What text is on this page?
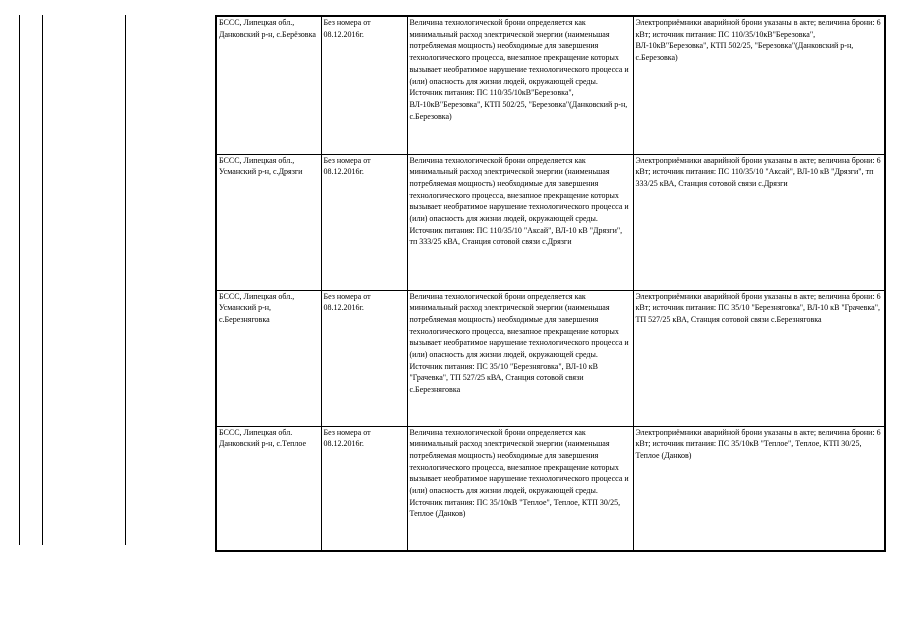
БССС, Липецкая обл., Данковский р-н, с.Берёзовка	Без номера от 08.12.2016г.	Величина технологической брони определяется как минимальный расход электрической энергии (наименьшая потребляемая мощность) необходимые для завершения технологического процесса, внезапное прекращение которых вызывает необратимое нарушение технологического процесса и (или) опасность для жизни людей, окружающей среды. Источник питания: ПС 110/35/10кВ"Березовка", ВЛ-10кВ"Березовка", КТП 502/25, "Березовка"(Данковский р-н, с.Березовка)	Электроприёмники аварийной брони указаны в акте; величина брони: 6 кВт; источник питания: ПС 110/35/10кВ"Березовка", ВЛ-10кВ"Березовка", КТП 502/25, "Березовка"(Данковский р-н, с.Березовка)
БССС, Липецкая обл., Усманский р-н, с.Дрязги	Без номера от 08.12.2016г.	Величина технологической брони определяется как минимальный расход электрической энергии (наименьшая потребляемая мощность) необходимые для завершения технологического процесса, внезапное прекращение которых вызывает необратимое нарушение технологического процесса и (или) опасность для жизни людей, окружающей среды. Источник питания: ПС 110/35/10 "Аксай", ВЛ-10 кВ "Дрязги", тп 333/25 кВА, Станция сотовой связи с.Дрязги	Электроприёмники аварийной брони указаны в акте; величина брони: 6 кВт; источник питания: ПС 110/35/10 "Аксай", ВЛ-10 кВ "Дрязги", тп 333/25 кВА, Станция сотовой связи с.Дрязги
БССС, Липецкая обл., Усманский р-н, с.Березняговка	Без номера от 08.12.2016г.	Величина технологической брони определяется как минимальный расход электрической энергии (наименьшая потребляемая мощность) необходимые для завершения технологического процесса, внезапное прекращение которых вызывает необратимое нарушение технологического процесса и (или) опасность для жизни людей, окружающей среды. Источник питания: ПС 35/10 "Березняговка", ВЛ-10 кВ "Грачевка", ТП 527/25 кВА, Станция сотовой связи с.Березняговка	Электроприёмники аварийной брони указаны в акте; величина брони: 6 кВт; источник питания: ПС 35/10 "Березняговка", ВЛ-10 кВ "Грачевка", ТП 527/25 кВА, Станция сотовой связи с.Березняговка
БССС, Липецкая обл. Данковский р-н, с.Теплое	Без номера от 08.12.2016г.	Величина технологической брони определяется как минимальный расход электрической энергии (наименьшая потребляемая мощность) необходимые для завершения технологического процесса, внезапное прекращение которых вызывает необратимое нарушение технологического процесса и (или) опасность для жизни людей, окружающей среды. Источник питания: ПС 35/10кВ "Теплое", Теплое, КТП 30/25, Теплое (Данков)	Электроприёмники аварийной брони указаны в акте; величина брони: 6 кВт; источник питания: ПС 35/10кВ "Теплое", Теплое, КТП 30/25, Теплое (Данков)
